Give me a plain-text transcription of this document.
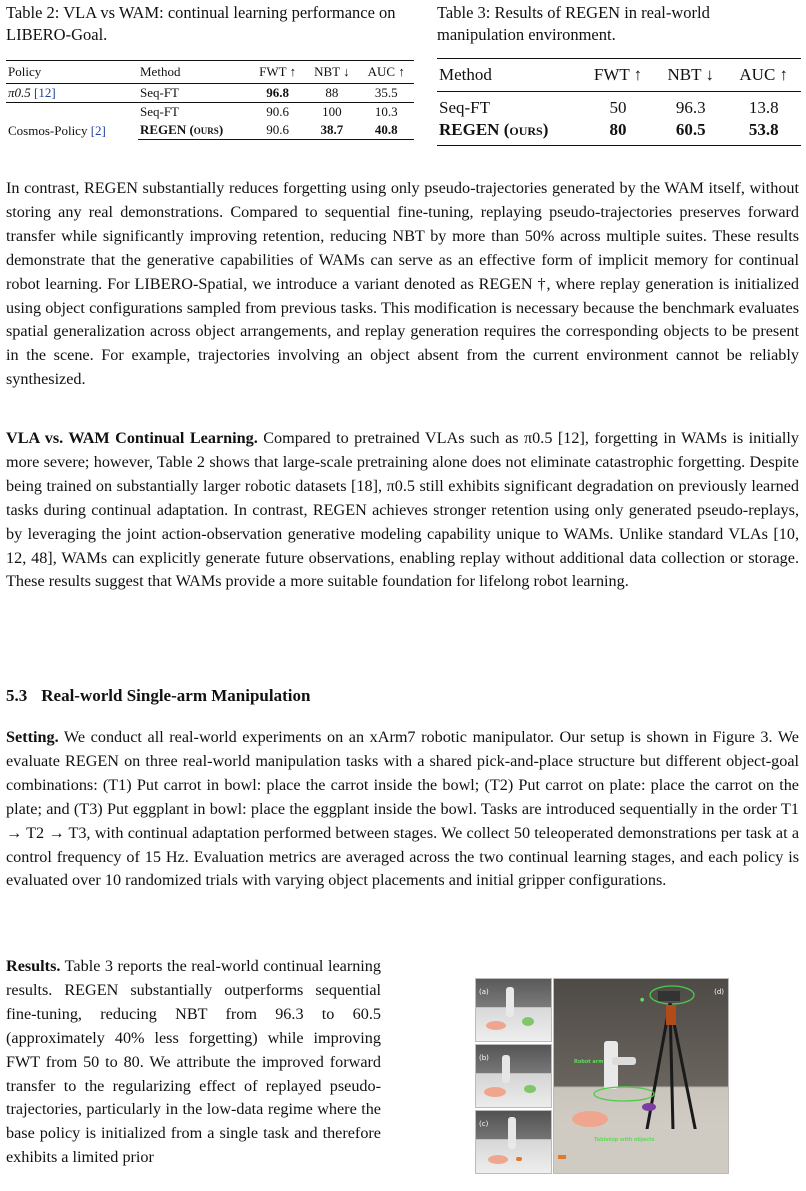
Table 2: VLA vs WAM: continual learning performance on LIBERO-Goal.
Policy	Method	FWT ↑	NBT ↓	AUC ↑
π0.5 [12]	Seq-FT	96.8	88	35.5
Cosmos-Policy [2]	Seq-FT	90.6	100	10.3
	REGEN (ours)	90.6	38.7	40.8
Table 3: Results of REGEN in real-world manipulation environment.
Method	FWT ↑	NBT ↓	AUC ↑
Seq-FT	50	96.3	13.8
REGEN (ours)	80	60.5	53.8

In contrast, REGEN substantially reduces forgetting using only pseudo-trajectories generated by the WAM itself, without storing any real demonstrations. Compared to sequential fine-tuning, replaying pseudo-trajectories preserves forward transfer while significantly improving retention, reducing NBT by more than 50% across multiple suites. These results demonstrate that the generative capabilities of WAMs can serve as an effective form of implicit memory for continual robot learning. For LIBERO-Spatial, we introduce a variant denoted as REGEN †, where replay generation is initialized using object configurations sampled from previous tasks. This modification is necessary because the benchmark evaluates spatial generalization across object arrangements, and replay generation requires the corresponding objects to be present in the scene. For example, trajectories involving an object absent from the current environment cannot be reliably synthesized.

VLA vs. WAM Continual Learning. Compared to pretrained VLAs such as π0.5 [12], forgetting in WAMs is initially more severe; however, Table 2 shows that large-scale pretraining alone does not eliminate catastrophic forgetting. Despite being trained on substantially larger robotic datasets [18], π0.5 still exhibits significant degradation on previously learned tasks during continual adaptation. In contrast, REGEN achieves stronger retention using only generated pseudo-replays, by leveraging the joint action-observation generative modeling capability unique to WAMs. Unlike standard VLAs [10, 12, 48], WAMs can explicitly generate future observations, enabling replay without additional data collection or storage. These results suggest that WAMs provide a more suitable foundation for lifelong robot learning.

5.3 Real-world Single-arm Manipulation

Setting. We conduct all real-world experiments on an xArm7 robotic manipulator. Our setup is shown in Figure 3. We evaluate REGEN on three real-world manipulation tasks with a shared pick-and-place structure but different object-goal combinations: (T1) Put carrot in bowl: place the carrot inside the bowl; (T2) Put carrot on plate: place the carrot on the plate; and (T3) Put eggplant in bowl: place the eggplant inside the bowl. Tasks are introduced sequentially in the order T1 → T2 → T3, with continual adaptation performed between stages. We collect 50 teleoperated demonstrations per task at a control frequency of 15 Hz. Evaluation metrics are averaged across the two continual learning stages, and each policy is evaluated over 10 randomized trials with varying object placements and initial gripper configurations.

Results. Table 3 reports the real-world continual learning results. REGEN substantially outperforms sequential fine-tuning, reducing NBT from 96.3 to 60.5 (approximately 40% less forgetting) while improving FWT from 50 to 80. We attribute the improved forward transfer to the regularizing effect of replayed pseudo-trajectories, particularly in the low-data regime where the base policy is initialized from a single task and therefore exhibits a limited prior

(a)
(b)
(c)
(d)
●
Robot arm
Tabletop with objects
